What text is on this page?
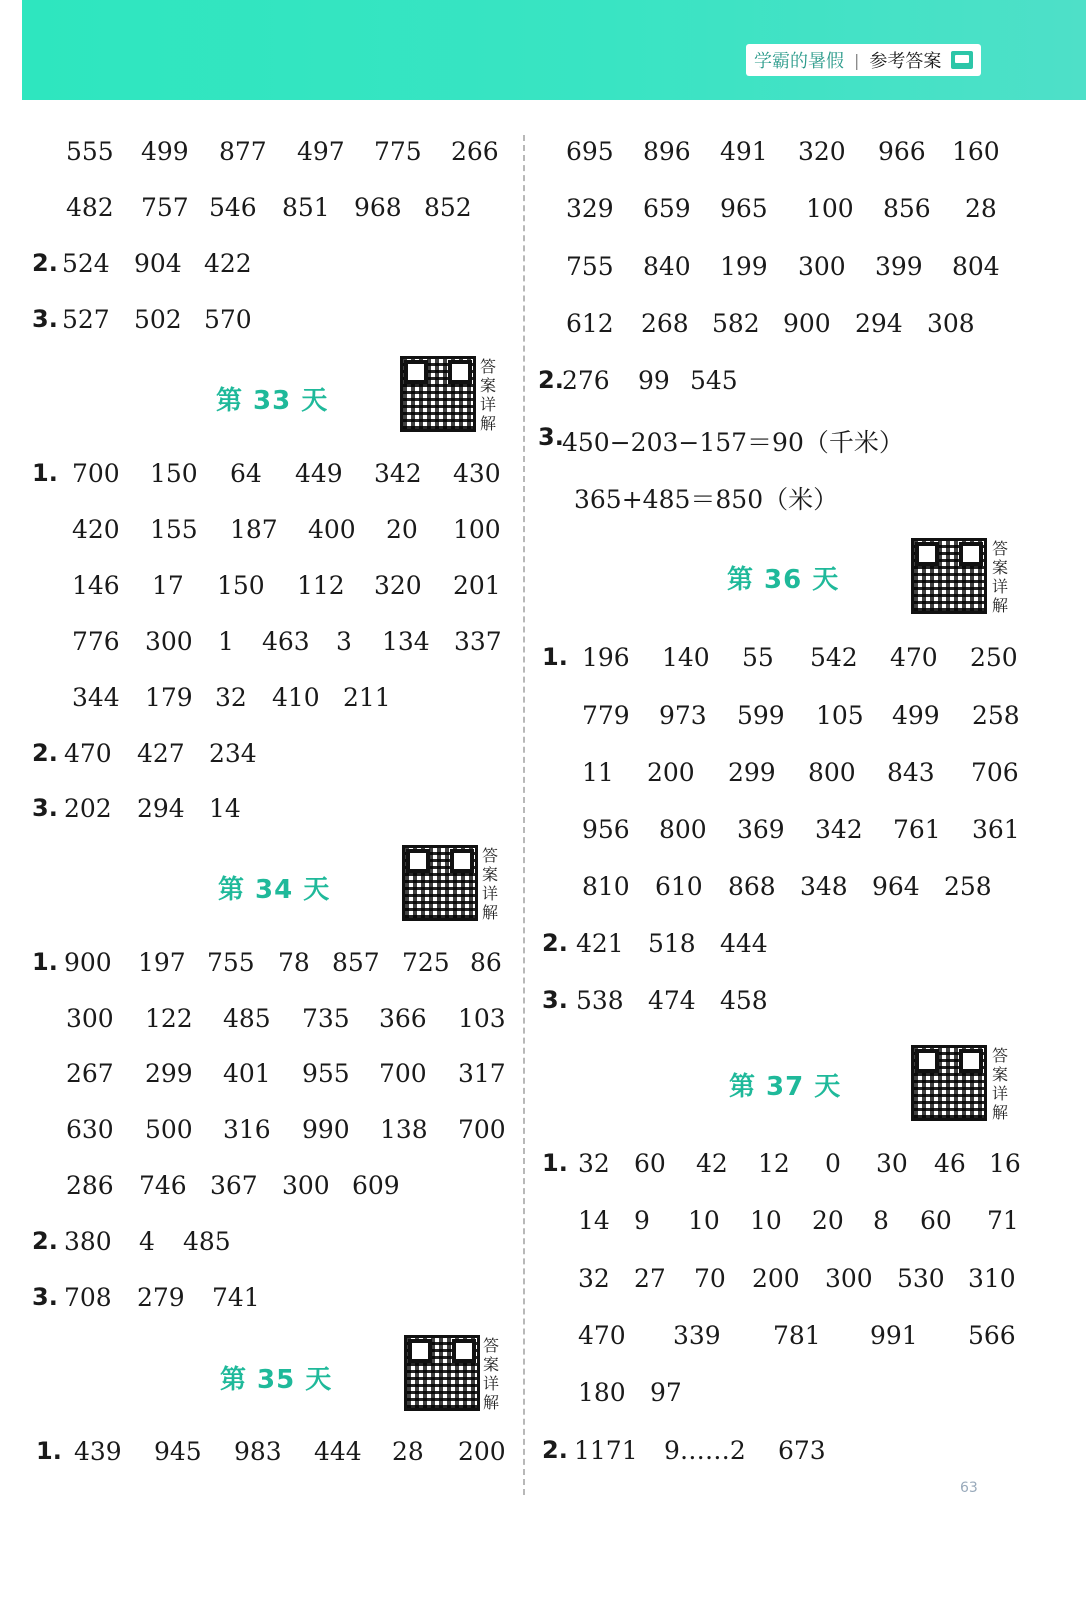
学霸的暑假 | 参考答案
555 499 877 497 775 266
482 757 546 851 968 852
2. 524 904 422
3. 527 502 570
第 33 天
答案详解
1. 700 150 64 449 342 430
420 155 187 400 20 100
146 17 150 112 320 201
776 300 1 463 3 134 337
344 179 32 410 211
2. 470 427 234
3. 202 294 14
第 34 天
答案详解
1. 900 197 755 78 857 725 86
300 122 485 735 366 103
267 299 401 955 700 317
630 500 316 990 138 700
286 746 367 300 609
2. 380 4 485
3. 708 279 741
第 35 天
答案详解
1. 439 945 983 444 28 200
695 896 491 320 966 160
329 659 965 100 856 28
755 840 199 300 399 804
612 268 582 900 294 308
2.
276 99 545
3.
450−203−157＝90（千米）
365+485＝850（米）
第 36 天
答案详解
1. 196 140 55 542 470 250
779 973 599 105 499 258
11 200 299 800 843 706
956 800 369 342 761 361
810 610 868 348 964 258
2. 421 518 444
3. 538 474 458
第 37 天
答案详解
1. 32 60 42 12 0 30 46 16
14 9 10 10 20 8 60 71
32 27 70 200 300 530 310
470 339 781 991 566
180 97
2. 1171 9……2 673
63
